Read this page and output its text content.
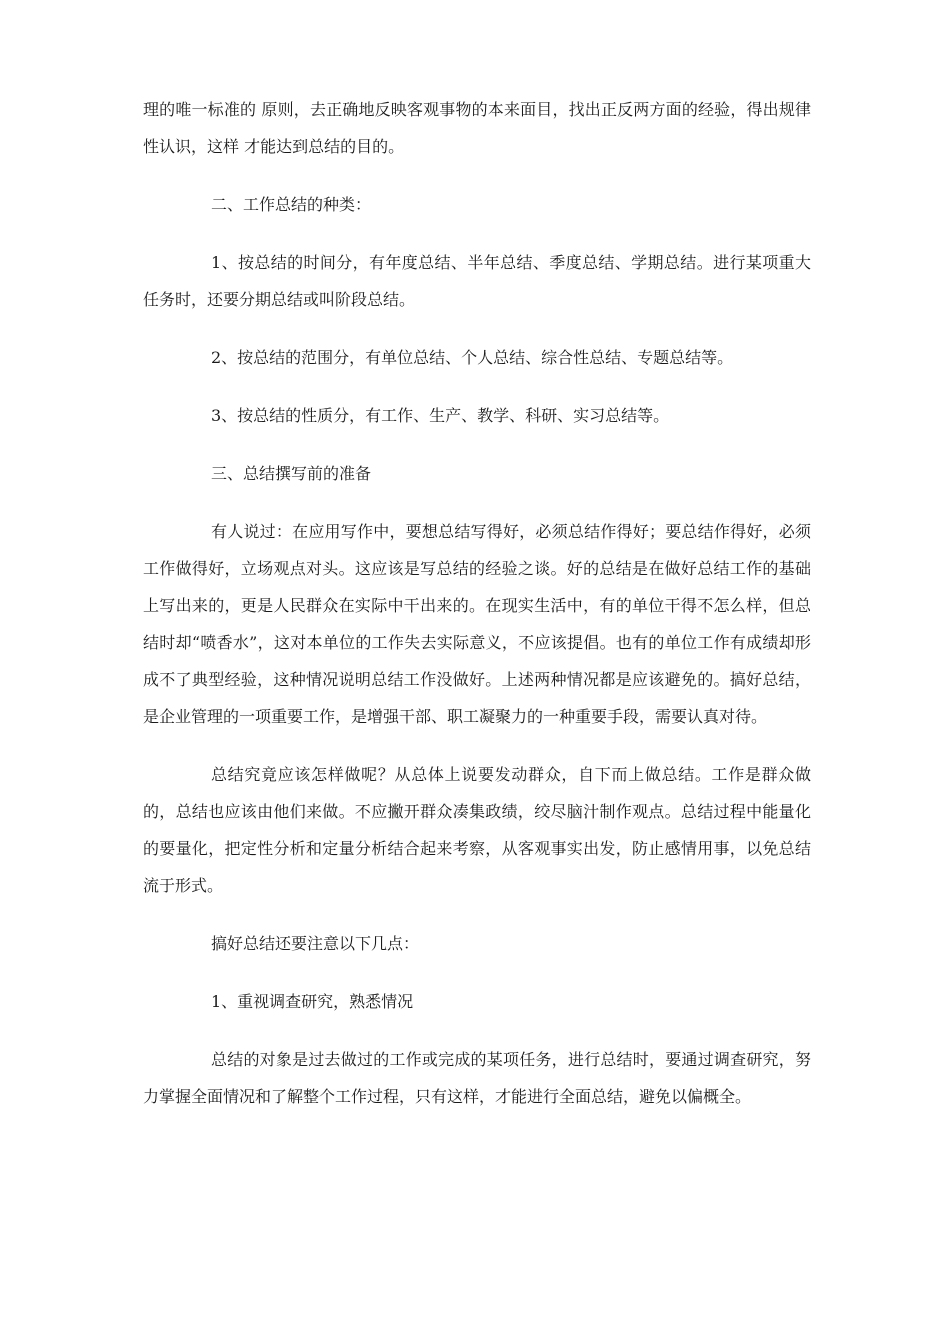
理的唯一标准的 原则，去正确地反映客观事物的本来面目，找出正反两方面的经验，得出规律性认识，这样 才能达到总结的目的。

二、工作总结的种类：

1、按总结的时间分，有年度总结、半年总结、季度总结、学期总结。进行某项重大任务时，还要分期总结或叫阶段总结。

2、按总结的范围分，有单位总结、个人总结、综合性总结、专题总结等。

3、按总结的性质分，有工作、生产、教学、科研、实习总结等。

三、总结撰写前的准备

有人说过：在应用写作中，要想总结写得好，必须总结作得好；要总结作得好，必须工作做得好，立场观点对头。这应该是写总结的经验之谈。好的总结是在做好总结工作的基础上写出来的，更是人民群众在实际中干出来的。在现实生活中，有的单位干得不怎么样，但总结时却“喷香水”，这对本单位的工作失去实际意义，不应该提倡。也有的单位工作有成绩却形成不了典型经验，这种情况说明总结工作没做好。上述两种情况都是应该避免的。搞好总结，是企业管理的一项重要工作，是增强干部、职工凝聚力的一种重要手段，需要认真对待。

总结究竟应该怎样做呢？从总体上说要发动群众，自下而上做总结。工作是群众做的，总结也应该由他们来做。不应撇开群众凑集政绩，绞尽脑汁制作观点。总结过程中能量化的要量化，把定性分析和定量分析结合起来考察，从客观事实出发，防止感情用事，以免总结流于形式。

搞好总结还要注意以下几点：

1、重视调查研究，熟悉情况

总结的对象是过去做过的工作或完成的某项任务，进行总结时，要通过调查研究，努力掌握全面情况和了解整个工作过程，只有这样，才能进行全面总结，避免以偏概全。
